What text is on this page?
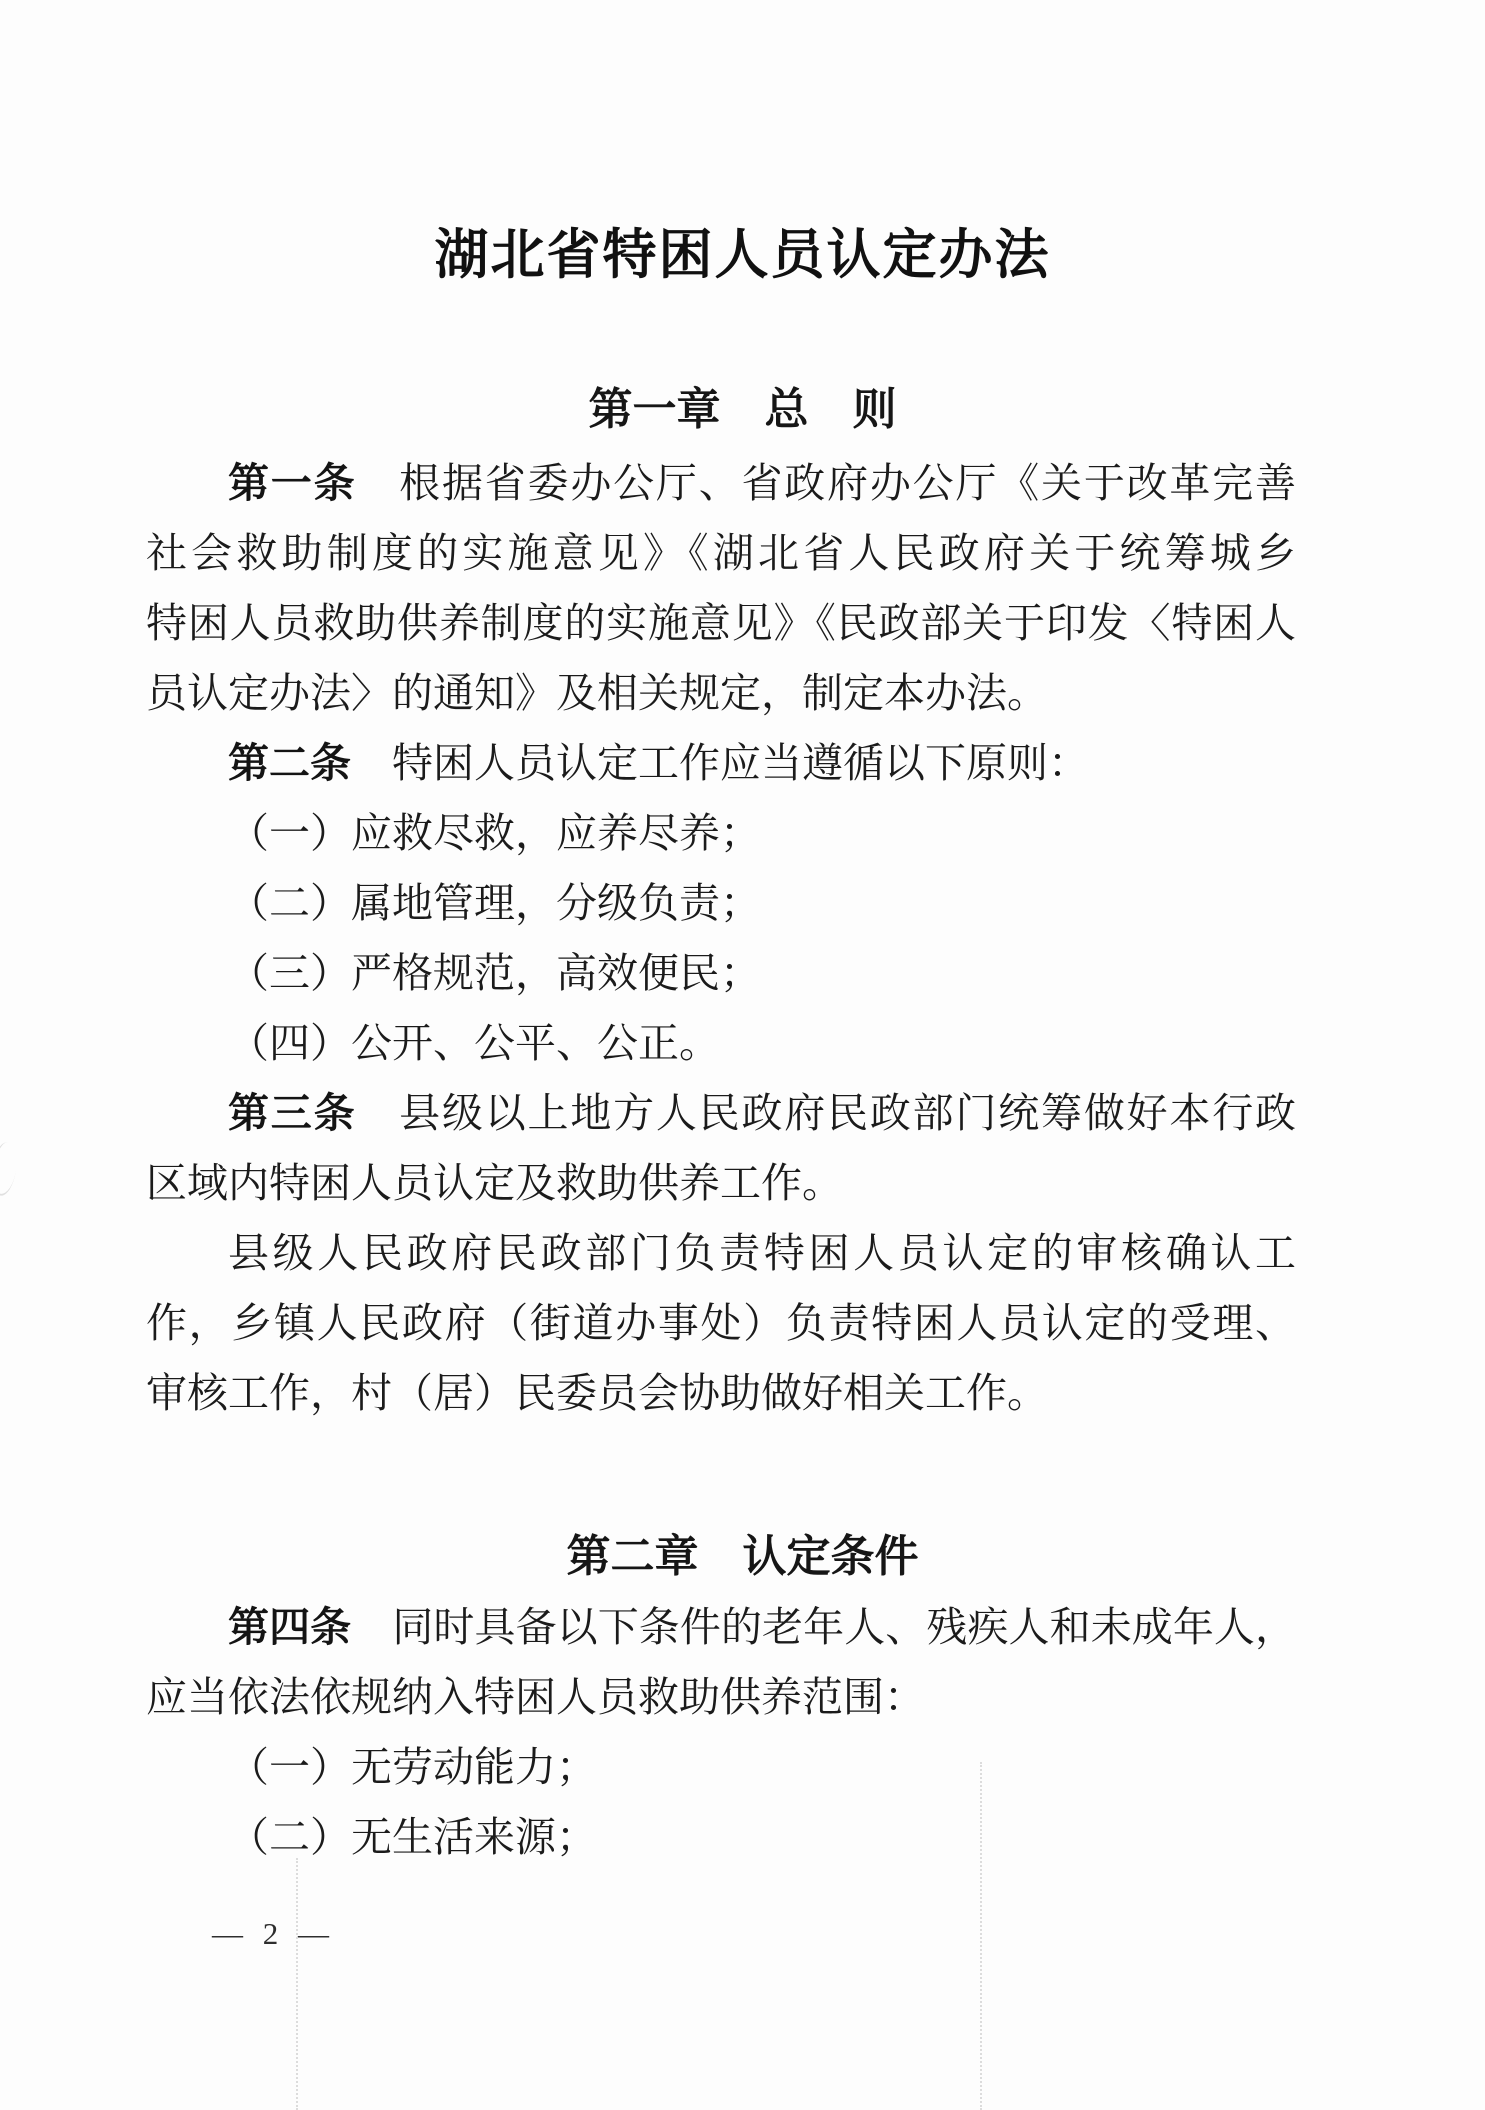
湖北省特困人员认定办法
第一章　总　则
第一条　根据省委办公厅、省政府办公厅《关于改革完善
社会救助制度的实施意见》《湖北省人民政府关于统筹城乡
特困人员救助供养制度的实施意见》《民政部关于印发〈特困人
员认定办法〉的通知》及相关规定，制定本办法。
第二条　特困人员认定工作应当遵循以下原则：
（一）应救尽救，应养尽养；
（二）属地管理，分级负责；
（三）严格规范，高效便民；
（四）公开、公平、公正。
第三条　县级以上地方人民政府民政部门统筹做好本行政
区域内特困人员认定及救助供养工作。
县级人民政府民政部门负责特困人员认定的审核确认工
作，乡镇人民政府（街道办事处）负责特困人员认定的受理、
审核工作，村（居）民委员会协助做好相关工作。
第二章　认定条件
第四条　同时具备以下条件的老年人、残疾人和未成年人，
应当依法依规纳入特困人员救助供养范围：
（一）无劳动能力；
（二）无生活来源；
— 2 —
